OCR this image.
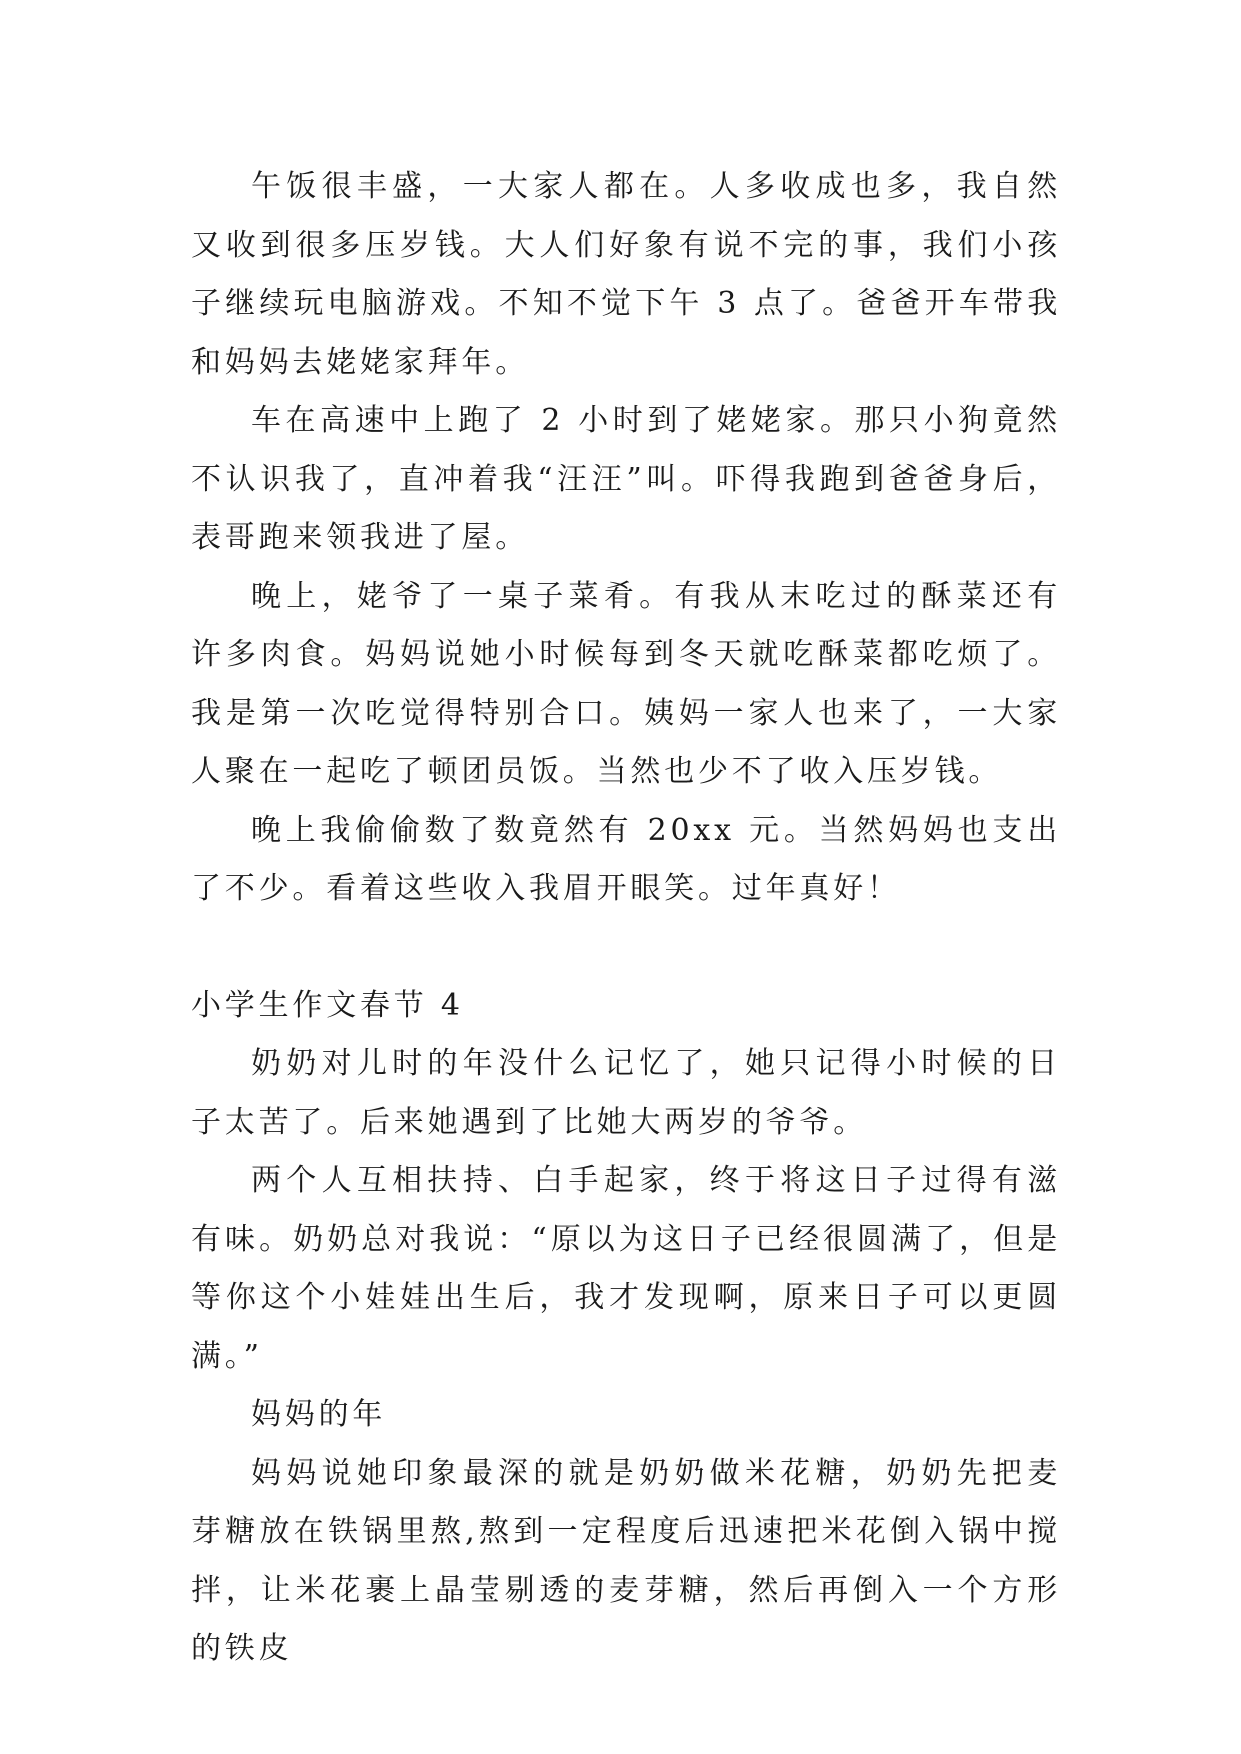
午饭很丰盛，一大家人都在。人多收成也多，我自然又收到很多压岁钱。大人们好象有说不完的事，我们小孩子继续玩电脑游戏。不知不觉下午 3 点了。爸爸开车带我和妈妈去姥姥家拜年。

车在高速中上跑了 2 小时到了姥姥家。那只小狗竟然不认识我了，直冲着我“汪汪”叫。吓得我跑到爸爸身后，表哥跑来领我进了屋。

晚上，姥爷了一桌子菜肴。有我从末吃过的酥菜还有许多肉食。妈妈说她小时候每到冬天就吃酥菜都吃烦了。我是第一次吃觉得特别合口。姨妈一家人也来了，一大家人聚在一起吃了顿团员饭。当然也少不了收入压岁钱。

晚上我偷偷数了数竟然有 20xx 元。当然妈妈也支出了不少。看着这些收入我眉开眼笑。过年真好！

小学生作文春节 4

奶奶对儿时的年没什么记忆了，她只记得小时候的日子太苦了。后来她遇到了比她大两岁的爷爷。

两个人互相扶持、白手起家，终于将这日子过得有滋有味。奶奶总对我说：“原以为这日子已经很圆满了，但是等你这个小娃娃出生后，我才发现啊，原来日子可以更圆满。”

妈妈的年

妈妈说她印象最深的就是奶奶做米花糖，奶奶先把麦芽糖放在铁锅里熬,熬到一定程度后迅速把米花倒入锅中搅拌，让米花裹上晶莹剔透的麦芽糖，然后再倒入一个方形的铁皮
